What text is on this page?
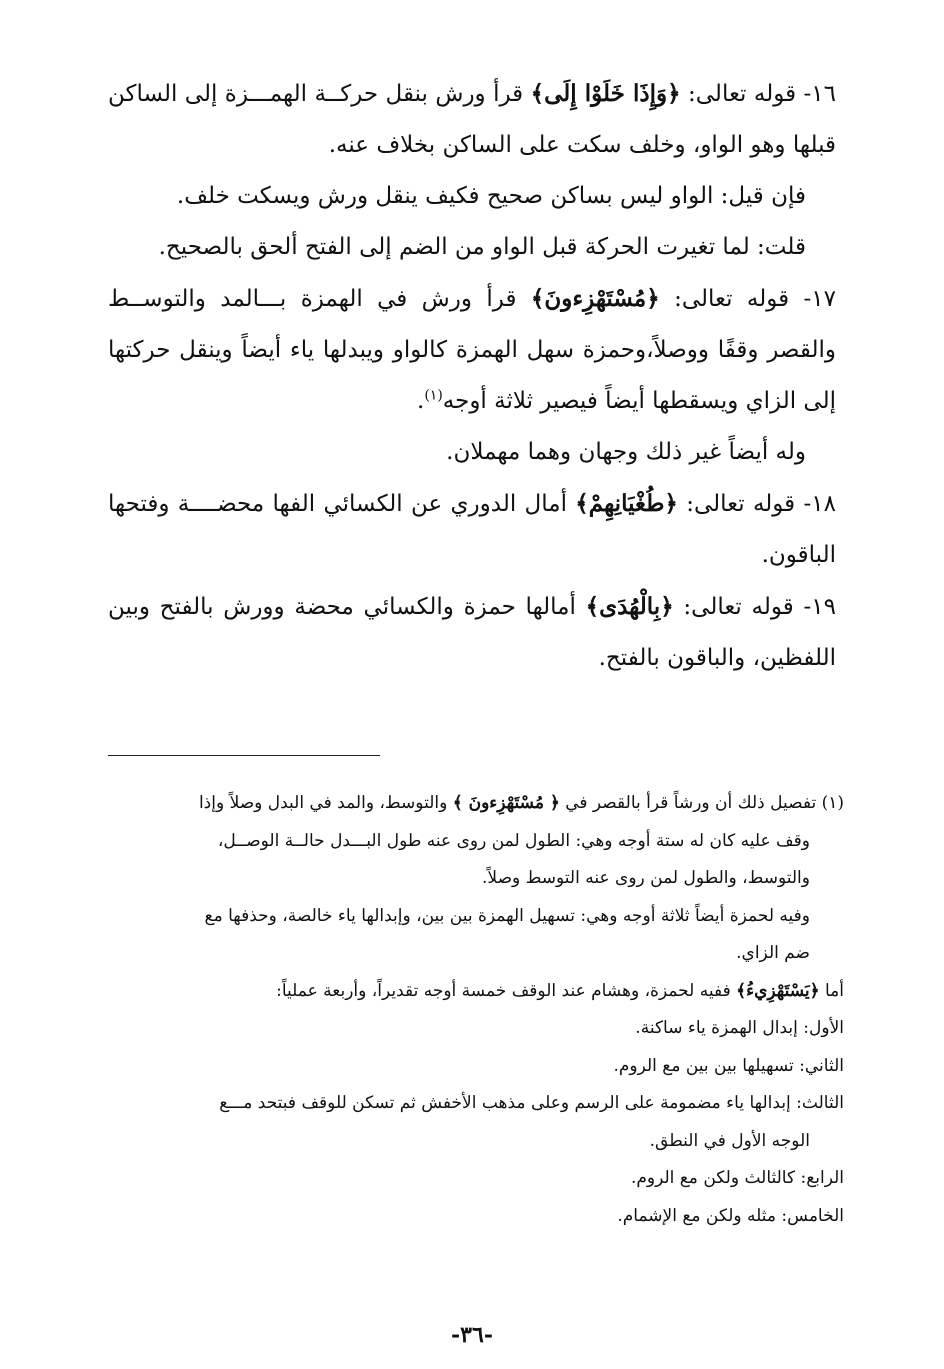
١٦- قوله تعالى: ﴿وَإِذَا خَلَوْا إِلَى﴾ قرأ ورش بنقل حركــة الهمـــزة إلى الساكن قبلها وهو الواو، وخلف سكت على الساكن بخلاف عنه.

فإن قيل: الواو ليس بساكن صحيح فكيف ينقل ورش ويسكت خلف.

قلت: لما تغيرت الحركة قبل الواو من الضم إلى الفتح ألحق بالصحيح.

١٧- قوله تعالى: ﴿مُسْتَهْزِءونَ﴾ قرأ ورش في الهمزة بـــالمد والتوســط والقصر وقفًا ووصلاً،وحمزة سهل الهمزة كالواو ويبدلها ياء أيضاً وينقل حركتها إلى الزاي ويسقطها أيضاً فيصير ثلاثة أوجه$^{(١)}$.

وله أيضاً غير ذلك وجهان وهما مهملان.

١٨- قوله تعالى: ﴿طُغْيَانِهِمْ﴾ أمال الدوري عن الكسائي الفها محضــــة وفتحها الباقون.

١٩- قوله تعالى: ﴿بِالْهُدَى﴾ أمالها حمزة والكسائي محضة وورش بالفتح وبين اللفظين، والباقون بالفتح.

(١) تفصيل ذلك أن ورشاً قرأ بالقصر في ﴿ مُسْتَهْزِءونَ ﴾ والتوسط، والمد في البدل وصلاً وإذا

وقف عليه كان له ستة أوجه وهي: الطول لمن روى عنه طول البـــدل حالــة الوصــل،

والتوسط، والطول لمن روى عنه التوسط وصلاً.

وفيه لحمزة أيضاً ثلاثة أوجه وهي: تسهيل الهمزة بين بين، وإبدالها ياء خالصة، وحذفها مع

ضم الزاي.

أما ﴿يَسْتَهْزِيءُ﴾ ففيه لحمزة، وهشام عند الوقف خمسة أوجه تقديراً، وأربعة عملياً:

الأول: إبدال الهمزة ياء ساكنة.

الثاني: تسهيلها بين بين مع الروم.

الثالث: إبدالها ياء مضمومة على الرسم وعلى مذهب الأخفش ثم تسكن للوقف فبتحد مـــع

الوجه الأول في النطق.

الرابع: كالثالث ولكن مع الروم.

الخامس: مثله ولكن مع الإشمام.

-٣٦-
